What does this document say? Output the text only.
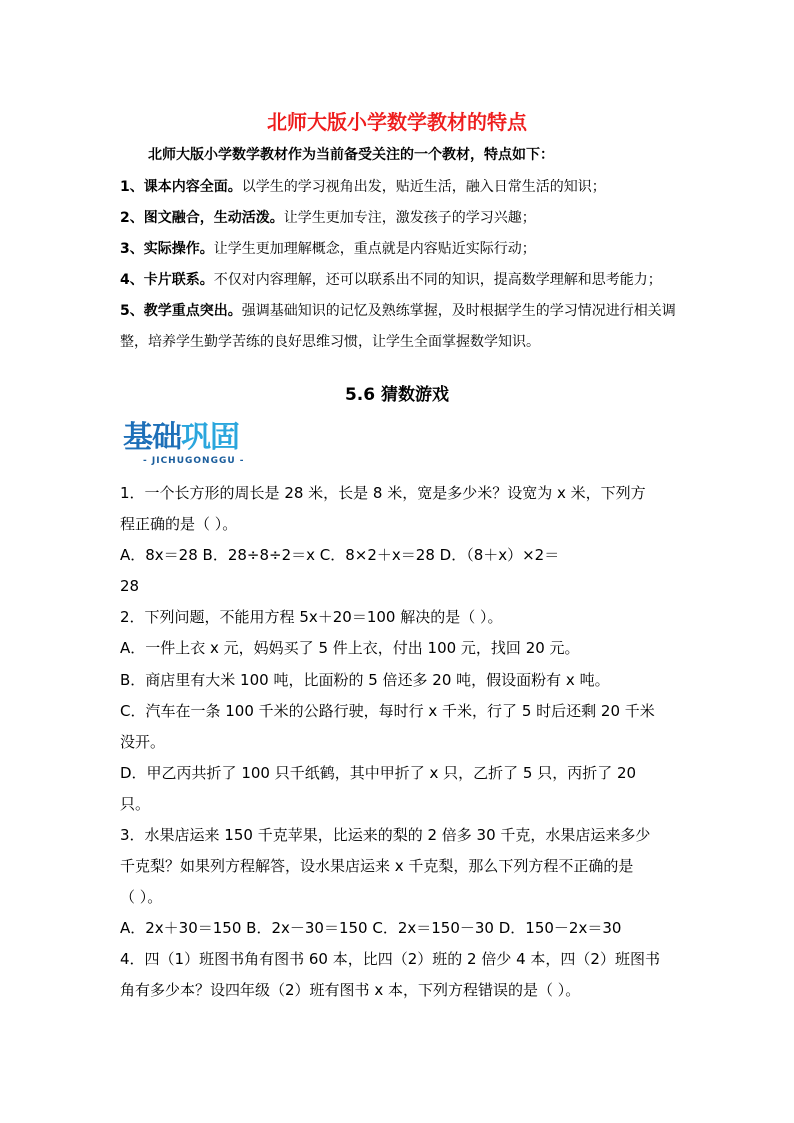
北师大版小学数学教材的特点
北师大版小学数学教材作为当前备受关注的一个教材，特点如下：
1、课本内容全面。以学生的学习视角出发，贴近生活，融入日常生活的知识；
2、图文融合，生动活泼。让学生更加专注，激发孩子的学习兴趣；
3、实际操作。让学生更加理解概念，重点就是内容贴近实际行动；
4、卡片联系。不仅对内容理解，还可以联系出不同的知识，提高数学理解和思考能力；
5、教学重点突出。强调基础知识的记忆及熟练掌握，及时根据学生的学习情况进行相关调
整，培养学生勤学苦练的良好思维习惯，让学生全面掌握数学知识。
5.6 猜数游戏
基础巩固
- JICHUGONGGU -
1．一个长方形的周长是 28 米，长是 8 米，宽是多少米？设宽为 x 米，下列方
程正确的是（ ）。
A．8x＝28 B．28÷8÷2＝x C．8×2＋x＝28 D．（8＋x）×2＝
28
2．下列问题，不能用方程 5x＋20＝100 解决的是（ ）。
A．一件上衣 x 元，妈妈买了 5 件上衣，付出 100 元，找回 20 元。
B．商店里有大米 100 吨，比面粉的 5 倍还多 20 吨，假设面粉有 x 吨。
C．汽车在一条 100 千米的公路行驶，每时行 x 千米，行了 5 时后还剩 20 千米
没开。
D．甲乙丙共折了 100 只千纸鹤，其中甲折了 x 只，乙折了 5 只，丙折了 20
只。
3．水果店运来 150 千克苹果，比运来的梨的 2 倍多 30 千克，水果店运来多少
千克梨？如果列方程解答，设水果店运来 x 千克梨，那么下列方程不正确的是
（ ）。
A．2x＋30＝150 B．2x－30＝150 C．2x＝150－30 D．150－2x＝30
4．四（1）班图书角有图书 60 本，比四（2）班的 2 倍少 4 本，四（2）班图书
角有多少本？设四年级（2）班有图书 x 本，下列方程错误的是（ ）。
